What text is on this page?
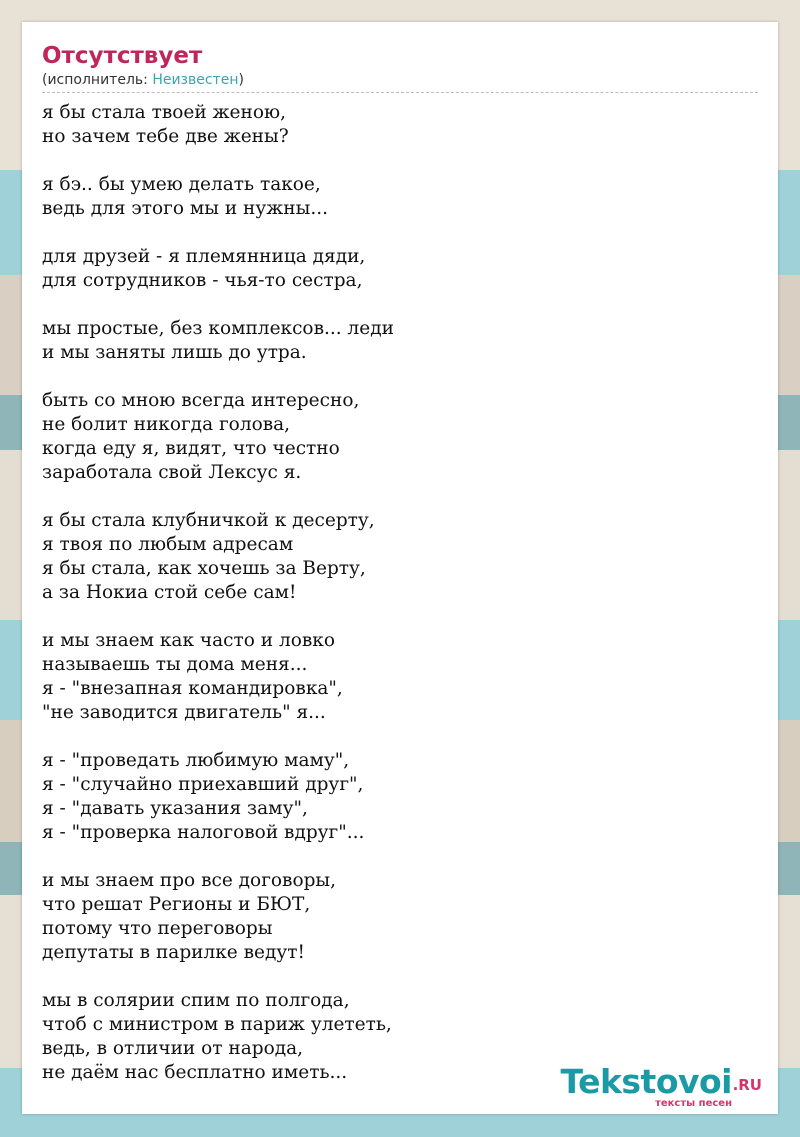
Отсутствует
(исполнитель: Неизвестен)
я бы стала твоей женою,
но зачем тебе две жены?
я бэ.. бы умею делать такое,
ведь для этого мы и нужны...
для друзей - я племянница дяди,
для сотрудников - чья-то сестра,
мы простые, без комплексов... леди
и мы заняты лишь до утра.
быть со мною всегда интересно,
не болит никогда голова,
когда еду я, видят, что честно
заработала свой Лексус я.
я бы стала клубничкой к десерту,
я твоя по любым адресам
я бы стала, как хочешь за Верту,
а за Нокиа стой себе сам!
и мы знаем как часто и ловко
называешь ты дома меня...
я - "внезапная командировка",
"не заводится двигатель" я...
я - "проведать любимую маму",
я - "случайно приехавший друг",
я - "давать указания заму",
я - "проверка налоговой вдруг"...
и мы знаем про все договоры,
что решат Регионы и БЮТ,
потому что переговоры
депутаты в парилке ведут!
мы в солярии спим по полгода,
чтоб с министром в париж улететь,
ведь, в отличии от народа,
не даём нас бесплатно иметь...	Tekstovoi .RU
тексты песен
